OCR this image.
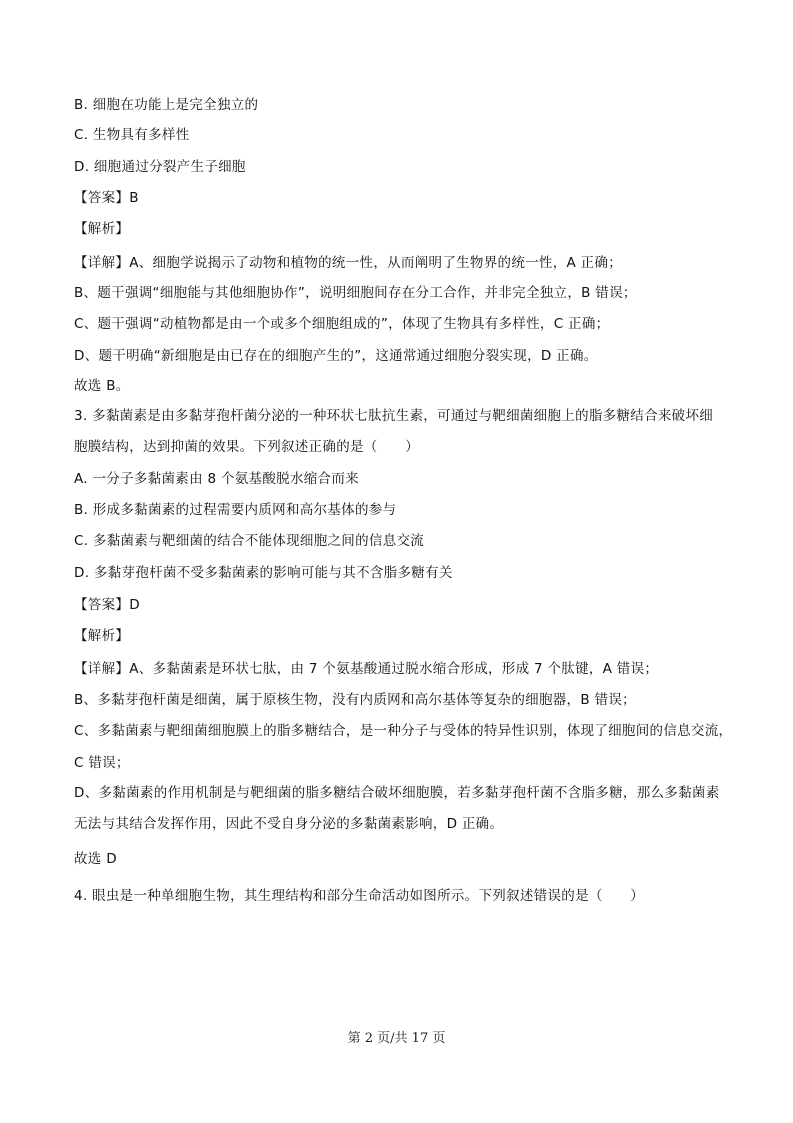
B. 细胞在功能上是完全独立的
C. 生物具有多样性
D. 细胞通过分裂产生子细胞
【答案】B
【解析】
【详解】A、细胞学说揭示了动物和植物的统一性，从而阐明了生物界的统一性，A 正确；
B、题干强调“细胞能与其他细胞协作”，说明细胞间存在分工合作，并非完全独立，B 错误；
C、题干强调“动植物都是由一个或多个细胞组成的”，体现了生物具有多样性，C 正确；
D、题干明确“新细胞是由已存在的细胞产生的”，这通常通过细胞分裂实现，D 正确。
故选 B。
3. 多黏菌素是由多黏芽孢杆菌分泌的一种环状七肽抗生素，可通过与靶细菌细胞上的脂多糖结合来破坏细
胞膜结构，达到抑菌的效果。下列叙述正确的是（　　）
A. 一分子多黏菌素由 8 个氨基酸脱水缩合而来
B. 形成多黏菌素的过程需要内质网和高尔基体的参与
C. 多黏菌素与靶细菌的结合不能体现细胞之间的信息交流
D. 多黏芽孢杆菌不受多黏菌素的影响可能与其不含脂多糖有关
【答案】D
【解析】
【详解】A、多黏菌素是环状七肽，由 7 个氨基酸通过脱水缩合形成，形成 7 个肽键，A 错误；
B、多黏芽孢杆菌是细菌，属于原核生物，没有内质网和高尔基体等复杂的细胞器，B 错误；
C、多黏菌素与靶细菌细胞膜上的脂多糖结合，是一种分子与受体的特异性识别，体现了细胞间的信息交流，
C 错误；
D、多黏菌素的作用机制是与靶细菌的脂多糖结合破坏细胞膜，若多黏芽孢杆菌不含脂多糖，那么多黏菌素
无法与其结合发挥作用，因此不受自身分泌的多黏菌素影响，D 正确。
故选 D
4. 眼虫是一种单细胞生物，其生理结构和部分生命活动如图所示。下列叙述错误的是（　　）
第 2 页/共 17 页
